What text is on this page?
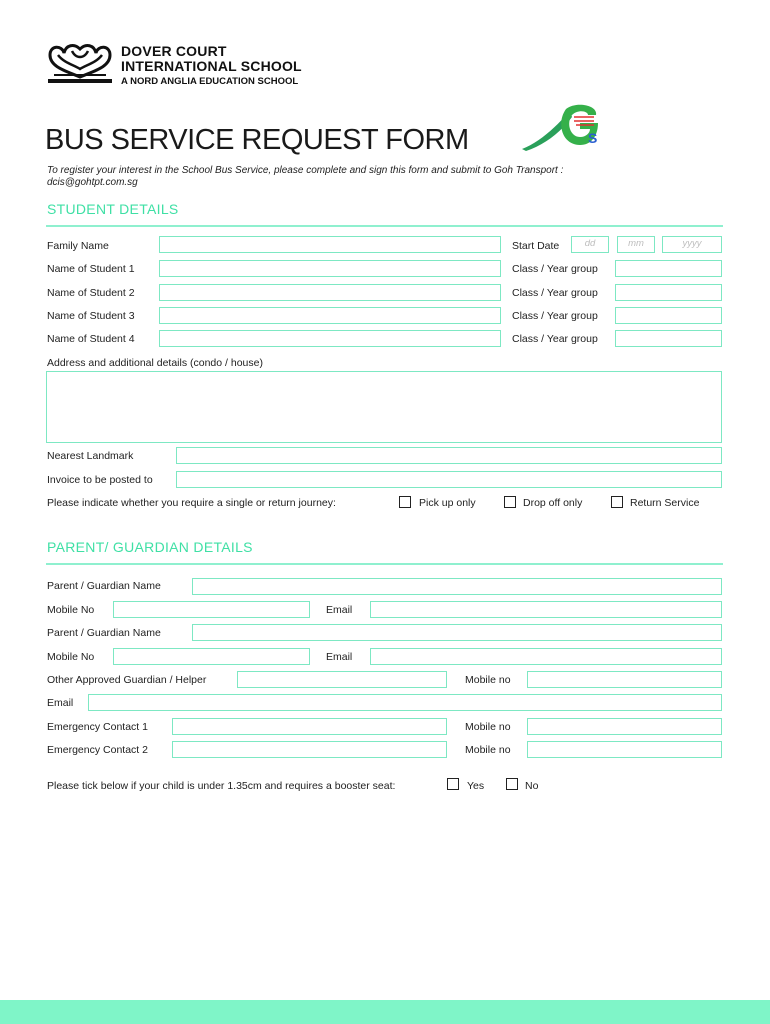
DOVER COURT
INTERNATIONAL SCHOOL
A NORD ANGLIA EDUCATION SCHOOL
BUS SERVICE REQUEST FORM	S
To register your interest in the School Bus Service, please complete and sign this form and submit to Goh Transport :
dcis@gohtpt.com.sg
STUDENT DETAILS
Family Name	Start Date	dd	mm	yyyy
Name of Student 1	Class / Year group
Name of Student 2	Class / Year group
Name of Student 3	Class / Year group
Name of Student 4	Class / Year group
Address and additional details (condo / house)
Nearest Landmark
Invoice to be posted to
Please indicate whether you require a single or return journey:	Pick up only	Drop off only	Return Service
PARENT/ GUARDIAN DETAILS
Parent / Guardian Name
Mobile No	Email
Parent / Guardian Name
Mobile No	Email
Other Approved Guardian / Helper	Mobile no
Email
Emergency Contact 1	Mobile no
Emergency Contact 2	Mobile no
Please tick below if your child is under 1.35cm and requires a booster seat:	Yes	No
